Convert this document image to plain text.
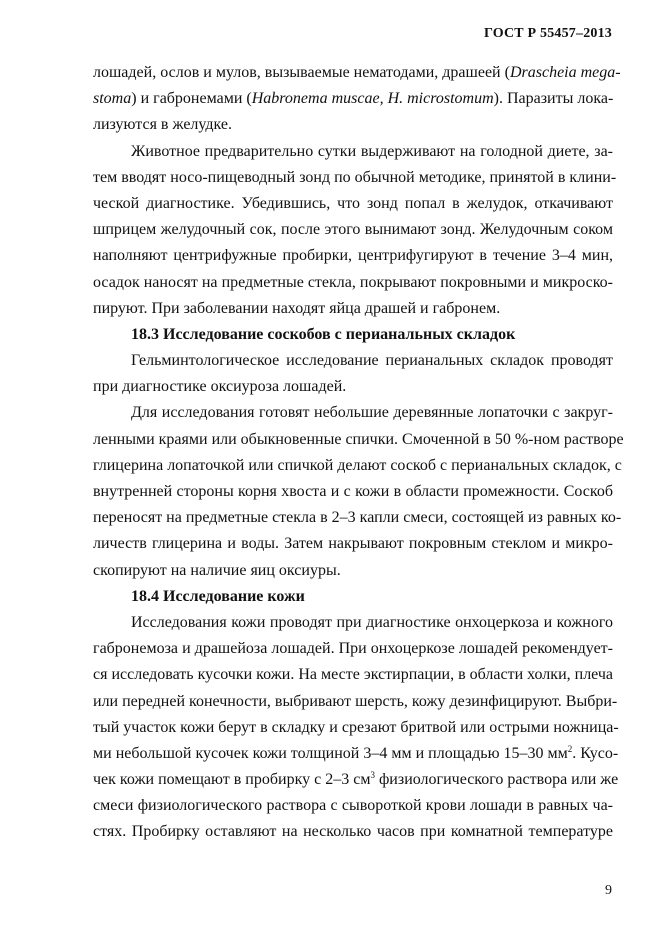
ГОСТ Р 55457–2013
лошадей, ослов и мулов, вызываемые нематодами, драшеей (Drascheia mega-
stoma) и габронемами (Habronema muscae, H. microstomum). Паразиты лока-
лизуются в желудке.
Животное предварительно сутки выдерживают на голодной диете, за-
тем вводят носо-пищеводный зонд по обычной методике, принятой в клини-
ческой диагностике. Убедившись, что зонд попал в желудок, откачивают
шприцем желудочный сок, после этого вынимают зонд. Желудочным соком
наполняют центрифужные пробирки, центрифугируют в течение 3–4 мин,
осадок наносят на предметные стекла, покрывают покровными и микроско-
пируют. При заболевании находят яйца драшей и габронем.
18.3 Исследование соскобов с перианальных складок
Гельминтологическое исследование перианальных складок проводят
при диагностике оксиуроза лошадей.
Для исследования готовят небольшие деревянные лопаточки с закруг-
ленными краями или обыкновенные спички. Смоченной в 50 %-ном растворе
глицерина лопаточкой или спичкой делают соскоб с перианальных складок, с
внутренней стороны корня хвоста и с кожи в области промежности. Соскоб
переносят на предметные стекла в 2–3 капли смеси, состоящей из равных ко-
личеств глицерина и воды. Затем накрывают покровным стеклом и микро-
скопируют на наличие яиц оксиуры.
18.4 Исследование кожи
Исследования кожи проводят при диагностике онхоцеркоза и кожного
габронемоза и драшейоза лошадей. При онхоцеркозе лошадей рекомендует-
ся исследовать кусочки кожи. На месте экстирпации, в области холки, плеча
или передней конечности, выбривают шерсть, кожу дезинфицируют. Выбри-
тый участок кожи берут в складку и срезают бритвой или острыми ножница-
ми небольшой кусочек кожи толщиной 3–4 мм и площадью 15–30 $мм^2$. Кусо-
чек кожи помещают в пробирку с 2–3 $см^3$ физиологического раствора или же
смеси физиологического раствора с сывороткой крови лошади в равных ча-
стях. Пробирку оставляют на несколько часов при комнатной температуре
9
